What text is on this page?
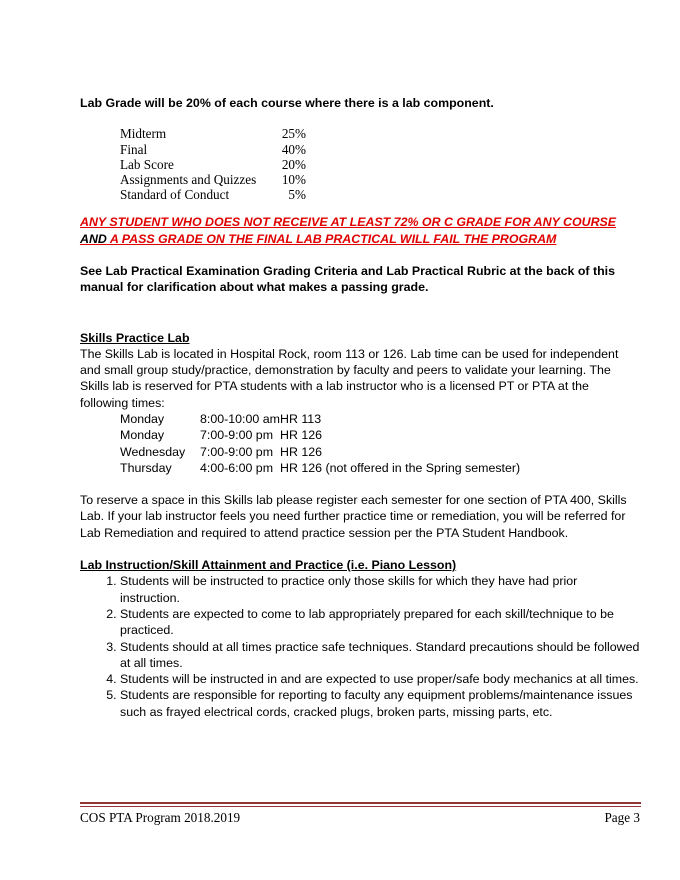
Lab Grade will be 20% of each course where there is a lab component.

Midterm	25%
Final	40%
Lab Score	20%
Assignments and Quizzes	10%
Standard of Conduct	5%
ANY STUDENT WHO DOES NOT RECEIVE AT LEAST 72% OR C GRADE FOR ANY COURSE AND A PASS GRADE ON THE FINAL LAB PRACTICAL WILL FAIL THE PROGRAM

See Lab Practical Examination Grading Criteria and Lab Practical Rubric at the back of this manual for clarification about what makes a passing grade.

Skills Practice Lab
The Skills Lab is located in Hospital Rock, room 113 or 126. Lab time can be used for independent and small group study/practice, demonstration by faculty and peers to validate your learning. The Skills lab is reserved for PTA students with a lab instructor who is a licensed PT or PTA at the following times:
Monday	8:00-10:00 am	HR 113
Monday	7:00-9:00 pm	HR 126
Wednesday	7:00-9:00 pm	HR 126
Thursday	4:00-6:00 pm	HR 126 (not offered in the Spring semester)
To reserve a space in this Skills lab please register each semester for one section of PTA 400, Skills Lab. If your lab instructor feels you need further practice time or remediation, you will be referred for Lab Remediation and required to attend practice session per the PTA Student Handbook.
Lab Instruction/Skill Attainment and Practice (i.e. Piano Lesson)
1. Students will be instructed to practice only those skills for which they have had prior instruction.
2. Students are expected to come to lab appropriately prepared for each skill/technique to be practiced.
3. Students should at all times practice safe techniques. Standard precautions should be followed at all times.
4. Students will be instructed in and are expected to use proper/safe body mechanics at all times.
5. Students are responsible for reporting to faculty any equipment problems/maintenance issues such as frayed electrical cords, cracked plugs, broken parts, missing parts, etc.
COS PTA Program 2018.2019	Page 3
